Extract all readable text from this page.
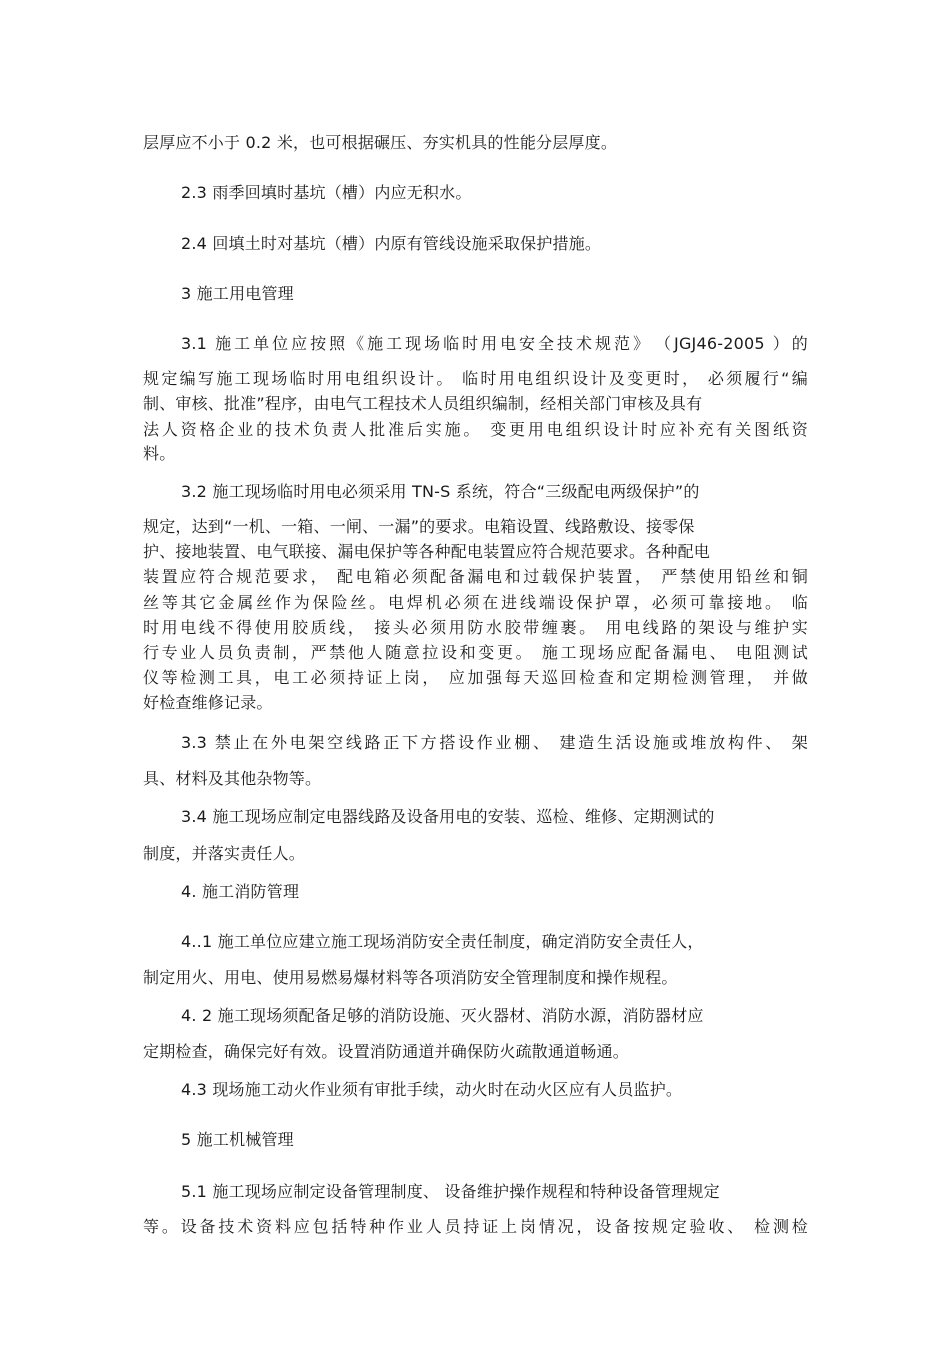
层厚应不小于 0.2 米，也可根据碾压、夯实机具的性能分层厚度。
2.3 雨季回填时基坑（槽）内应无积水。
2.4 回填土时对基坑（槽）内原有管线设施采取保护措施。
3 施工用电管理
3.1 施工单位应按照《施工现场临时用电安全技术规范》　（JGJ46-2005 ）的
规定编写施工现场临时用电组织设计。 临时用电组织设计及变更时， 必须履行“编
制、审核、批准”程序，由电气工程技术人员组织编制，经相关部门审核及具有
法人资格企业的技术负责人批准后实施。 变更用电组织设计时应补充有关图纸资
料。
3.2 施工现场临时用电必须采用 TN-S 系统，符合“三级配电两级保护”的
规定，达到“一机、一箱、一闸、一漏”的要求。电箱设置、线路敷设、接零保
护、接地装置、电气联接、漏电保护等各种配电装置应符合规范要求。各种配电
装置应符合规范要求， 配电箱必须配备漏电和过载保护装置， 严禁使用铅丝和铜
丝等其它金属丝作为保险丝。电焊机必须在进线端设保护罩，必须可靠接地。 临
时用电线不得使用胶质线， 接头必须用防水胶带缠裹。 用电线路的架设与维护实
行专业人员负责制，严禁他人随意拉设和变更。 施工现场应配备漏电、 电阻测试
仪等检测工具，电工必须持证上岗， 应加强每天巡回检查和定期检测管理， 并做
好检查维修记录。
3.3 禁止在外电架空线路正下方搭设作业棚、 建造生活设施或堆放构件、 架
具、材料及其他杂物等。
3.4 施工现场应制定电器线路及设备用电的安装、巡检、维修、定期测试的
制度，并落实责任人。
4. 施工消防管理
4..1 施工单位应建立施工现场消防安全责任制度，确定消防安全责任人，
制定用火、用电、使用易燃易爆材料等各项消防安全管理制度和操作规程。
4. 2 施工现场须配备足够的消防设施、灭火器材、消防水源，消防器材应
定期检查，确保完好有效。设置消防通道并确保防火疏散通道畅通。
4.3 现场施工动火作业须有审批手续，动火时在动火区应有人员监护。
5 施工机械管理
5.1 施工现场应制定设备管理制度、 设备维护操作规程和特种设备管理规定
等。设备技术资料应包括特种作业人员持证上岗情况，设备按规定验收、 检测检
